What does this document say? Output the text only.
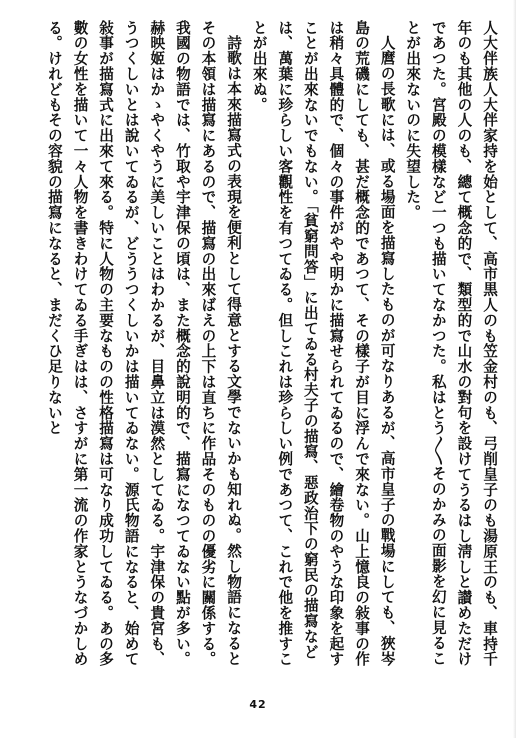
人大伴族人大伴家持を始として、高市黒人のも笠金村のも、弓削皇子のも湯原王のも、車持千年のも其他の人のも、總て概念的で、類型的で山水の對句を設けてうるはし淸しと讃めただけであつた。宮殿の模樣など一つも描いてなかつた。私はとう〳〵そのかみの面影を幻に見ることが出來ないのに失望した。

人麿の長歌には、或る場面を描寫したものが可なりあるが、高市皇子の戰場にしても、狹岑島の荒磯にしても、甚だ概念的であつて、その樣子が目に浮んで來ない。山上憶良の敍事の作は稍々具體的で、個々の事件がやや明かに描寫せられてゐるので、繪卷物のやうな印象を起すことが出來ないでもない。「貧窮問答」に出てゐる村夫子の描寫、惡政治下の窮民の描寫などは、萬葉に珍らしい客觀性を有つてゐる。但しこれは珍らしい例であつて、これで他を推すことが出來ぬ。

詩歌は本來描寫式の表現を便利として得意とする文學でないかも知れぬ。然し物語になるとその本領は描寫にあるので、描寫の出來ばえの上下は直ちに作品そのものの優劣に關係する。我國の物語では、竹取や宇津保の頃は、また概念的說明的で、描寫になつてゐない點が多い。赫映姬はかゝやくやうに美しいことはわかるが、目鼻立は漠然としてゐる。宇津保の貴宮も、うつくしいとは說いてゐるが、どううつくしいかは描いてゐない。源氏物語になると、始めて敍事が描寫式に出來て來る。特に人物の主要なものの性格描寫は可なり成功してゐる。あの多數の女性を描いて一々人物を書きわけてゐる手ぎはは、さすがに第一流の作家とうなづかしめる。けれどもその容貌の描寫になると、まだくひ足りないと

42
